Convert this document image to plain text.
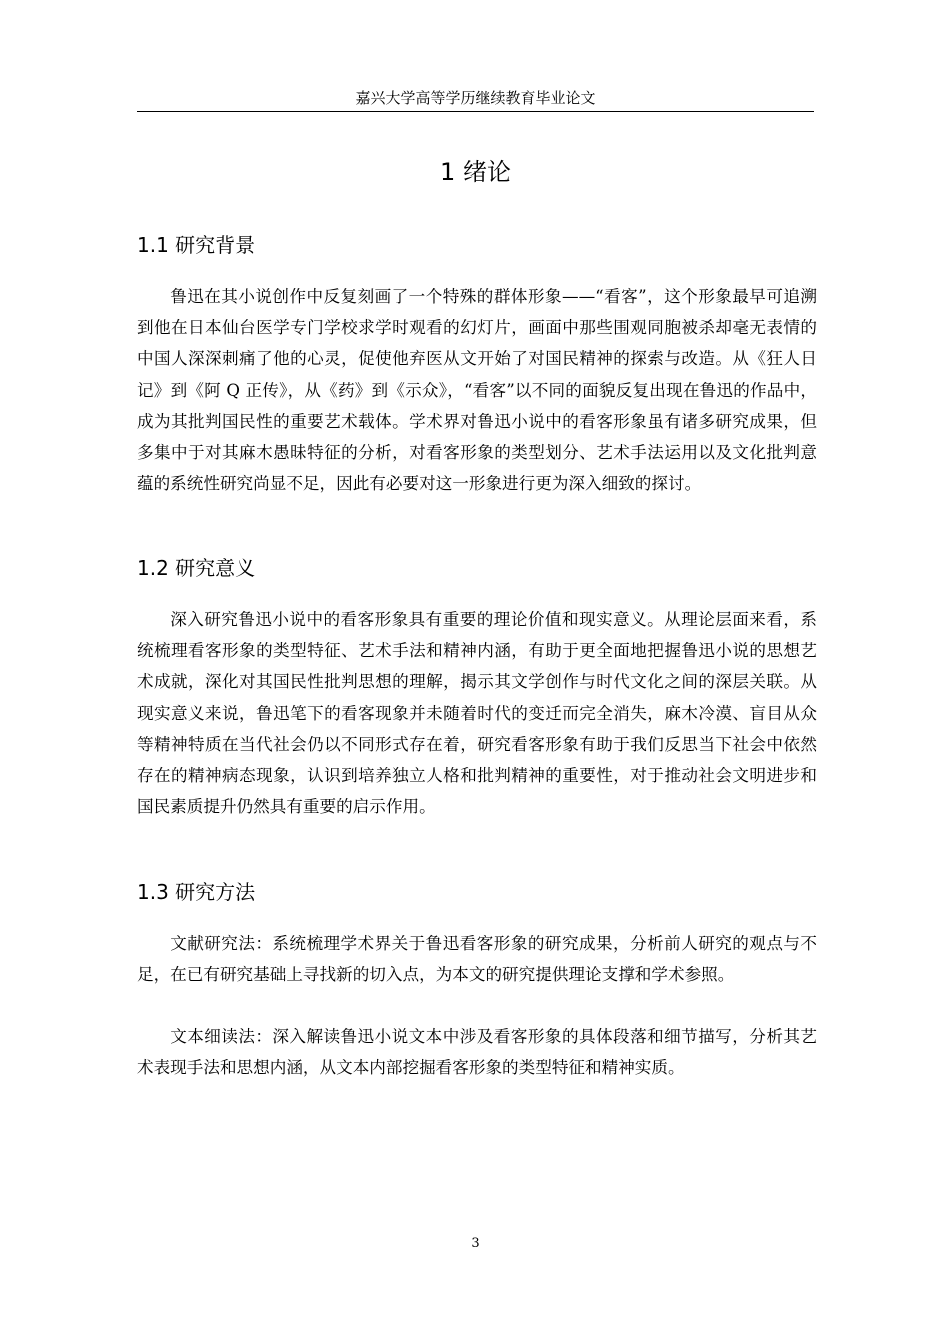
嘉兴大学高等学历继续教育毕业论文
1 绪论
1.1 研究背景

鲁迅在其小说创作中反复刻画了一个特殊的群体形象——“看客”，这个形象最早可追溯到他在日本仙台医学专门学校求学时观看的幻灯片，画面中那些围观同胞被杀却毫无表情的中国人深深刺痛了他的心灵，促使他弃医从文开始了对国民精神的探索与改造。从《狂人日记》到《阿 Q 正传》，从《药》到《示众》，“看客”以不同的面貌反复出现在鲁迅的作品中，成为其批判国民性的重要艺术载体。学术界对鲁迅小说中的看客形象虽有诸多研究成果，但多集中于对其麻木愚昧特征的分析，对看客形象的类型划分、艺术手法运用以及文化批判意蕴的系统性研究尚显不足，因此有必要对这一形象进行更为深入细致的探讨。

1.2 研究意义

深入研究鲁迅小说中的看客形象具有重要的理论价值和现实意义。从理论层面来看，系统梳理看客形象的类型特征、艺术手法和精神内涵，有助于更全面地把握鲁迅小说的思想艺术成就，深化对其国民性批判思想的理解，揭示其文学创作与时代文化之间的深层关联。从现实意义来说，鲁迅笔下的看客现象并未随着时代的变迁而完全消失，麻木冷漠、盲目从众等精神特质在当代社会仍以不同形式存在着，研究看客形象有助于我们反思当下社会中依然存在的精神病态现象，认识到培养独立人格和批判精神的重要性，对于推动社会文明进步和国民素质提升仍然具有重要的启示作用。

1.3 研究方法

文献研究法：系统梳理学术界关于鲁迅看客形象的研究成果，分析前人研究的观点与不足，在已有研究基础上寻找新的切入点，为本文的研究提供理论支撑和学术参照。

文本细读法：深入解读鲁迅小说文本中涉及看客形象的具体段落和细节描写，分析其艺术表现手法和思想内涵，从文本内部挖掘看客形象的类型特征和精神实质。

3
